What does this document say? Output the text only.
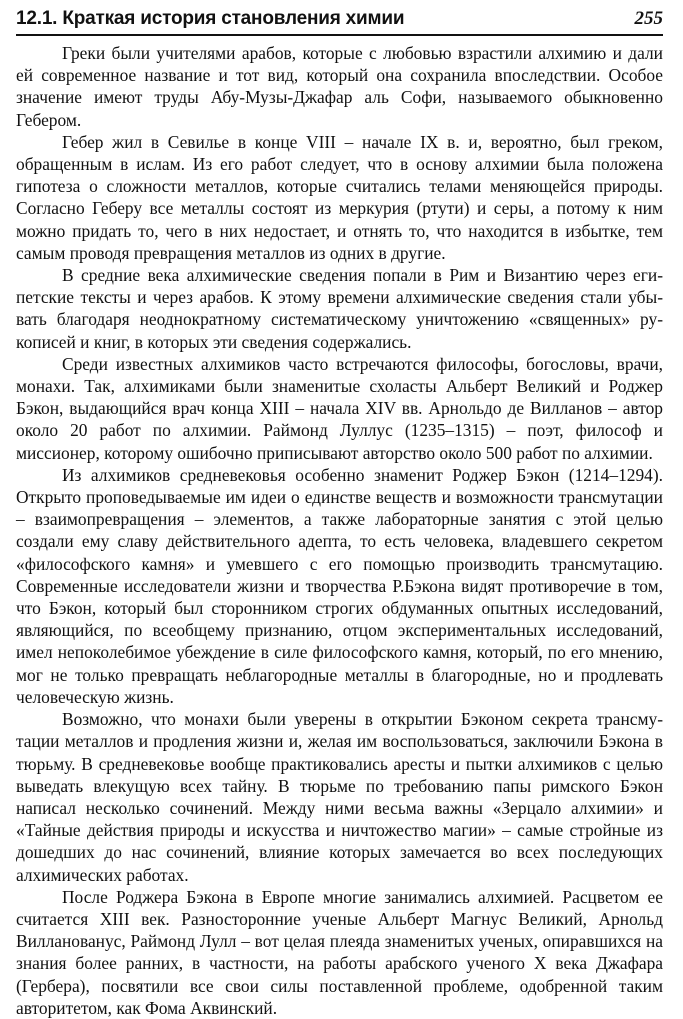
12.1. Краткая история становления химии	255

Греки были учителями арабов, которые с любовью взрастили алхимию и дали ей современное название и тот вид, который она сохранила впоследствии. Особое значение имеют труды Абу-Музы-Джафар аль Софи, называемого обыкновенно Гебером.

Гебер жил в Севилье в конце VIII – начале IX в. и, вероятно, был греком, обращенным в ислам. Из его работ следует, что в основу алхимии была положена гипотеза о сложности металлов, которые считались телами меняющейся природы. Согласно Геберу все металлы состоят из меркурия (ртути) и серы, а потому к ним можно придать то, чего в них недостает, и отнять то, что находится в избытке, тем самым проводя превращения металлов из одних в другие.

В средние века алхимические сведения попали в Рим и Византию через египетские тексты и через арабов. К этому времени алхимические сведения стали убывать благодаря неоднократному систематическому уничтожению «священных» рукописей и книг, в которых эти сведения содержались.

Среди известных алхимиков часто встречаются философы, богословы, врачи, монахи. Так, алхимиками были знаменитые схоласты Альберт Великий и Роджер Бэкон, выдающийся врач конца XIII – начала XIV вв. Арнольдо де Вилланов – автор около 20 работ по алхимии. Раймонд Луллус (1235–1315) – поэт, философ и миссионер, которому ошибочно приписывают авторство около 500 работ по алхимии.

Из алхимиков средневековья особенно знаменит Роджер Бэкон (1214–1294). Открыто проповедываемые им идеи о единстве веществ и возможности трансмутации – взаимопревращения – элементов, а также лабораторные занятия с этой целью создали ему славу действительного адепта, то есть человека, владевшего секретом «философского камня» и умевшего с его помощью производить трансмутацию. Современные исследователи жизни и творчества Р.Бэкона видят противоречие в том, что Бэкон, который был сторонником строгих обдуманных опытных исследований, являющийся, по всеобщему признанию, отцом экспериментальных исследований, имел непоколебимое убеждение в силе философского камня, который, по его мнению, мог не только превращать неблагородные металлы в благородные, но и продлевать человеческую жизнь.

Возможно, что монахи были уверены в открытии Бэконом секрета трансмутации металлов и продления жизни и, желая им воспользоваться, заключили Бэкона в тюрьму. В средневековье вообще практиковались аресты и пытки алхимиков с целью выведать влекущую всех тайну. В тюрьме по требованию папы римского Бэкон написал несколько сочинений. Между ними весьма важны «Зерцало алхимии» и «Тайные действия природы и искусства и ничтожество магии» – самые стройные из дошедших до нас сочинений, влияние которых замечается во всех последующих алхимических работах.

После Роджера Бэкона в Европе многие занимались алхимией. Расцветом ее считается XIII век. Разносторонние ученые Альберт Магнус Великий, Арнольд Вилланованус, Раймонд Лулл – вот целая плеяда знаменитых ученых, опиравшихся на знания более ранних, в частности, на работы арабского ученого X века Джафара (Гербера), посвятили все свои силы поставленной проблеме, одобренной таким авторитетом, как Фома Аквинский.
